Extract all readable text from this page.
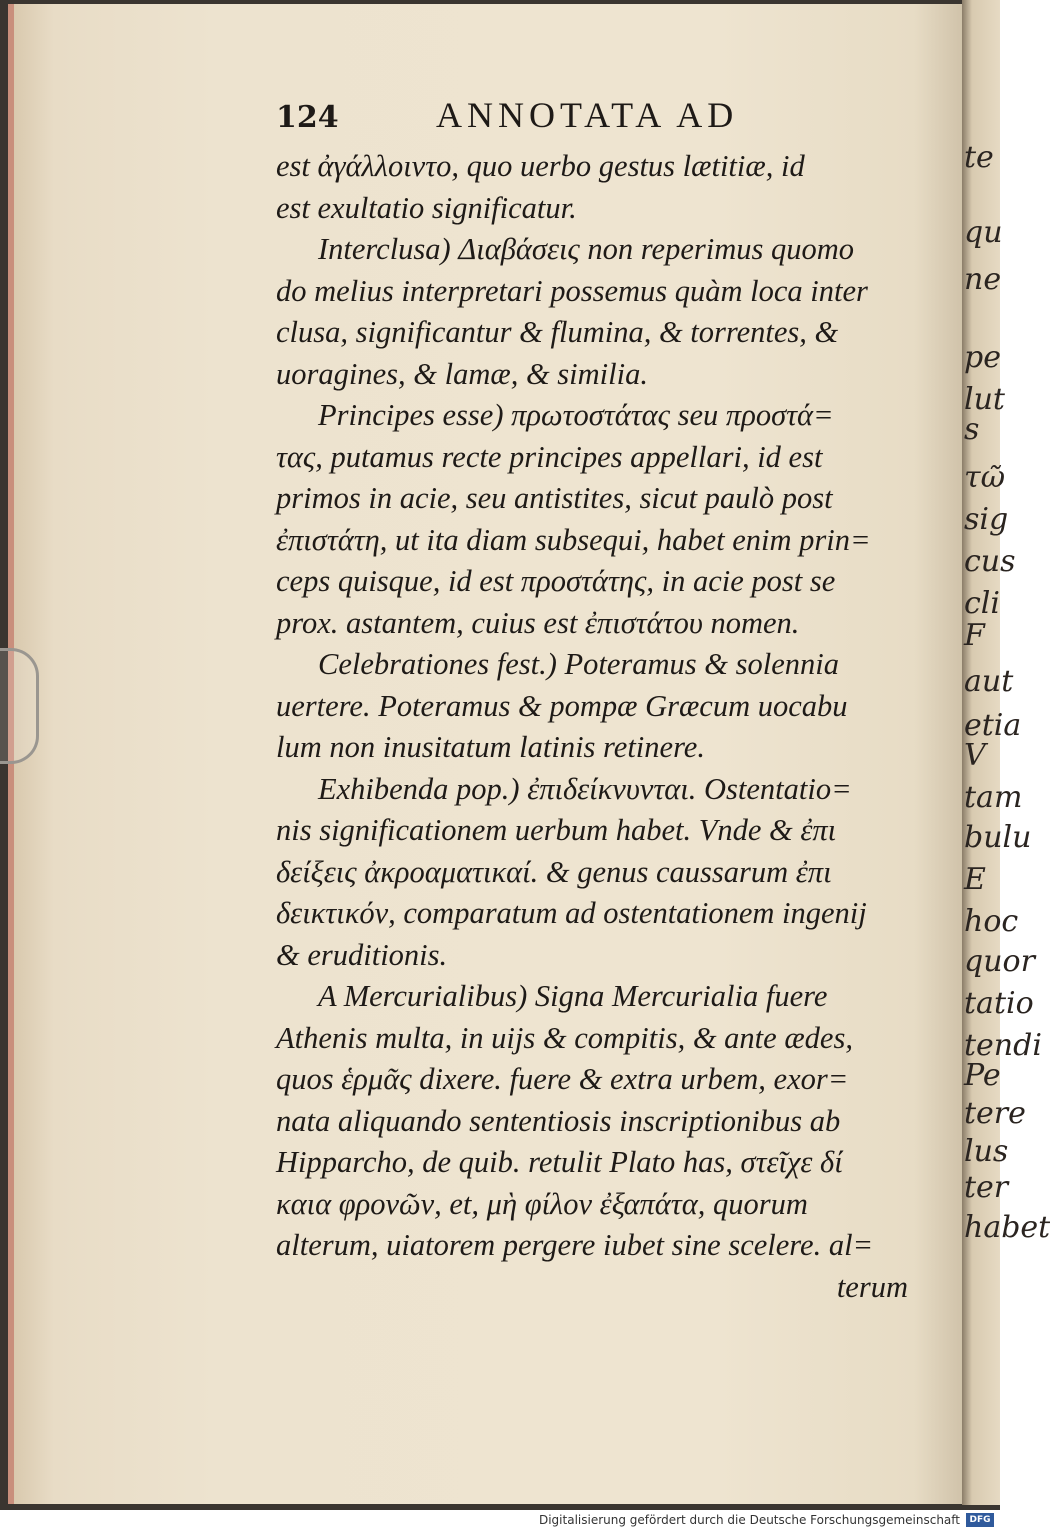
124	ANNOTATA AD
est ἀγάλλοιντο, quo uerbo gestus lætitiæ, id
est exultatio significatur.
Interclusa) Διαβάσεις non reperimus quomo
do melius interpretari possemus quàm loca inter
clusa, significantur & flumina, & torrentes, &
uoragines, & lamæ, & similia.
Principes esse) πρωτοστάτας seu προστά=
τας, putamus recte principes appellari, id est
primos in acie, seu antistites, sicut paulò post
ἐπιστάτη, ut ita diam subsequi, habet enim prin=
ceps quisque, id est προστάτης, in acie post se
prox. astantem, cuius est ἐπιστάτου nomen.
Celebrationes fest.) Poteramus & solennia
uertere. Poteramus & pompæ Græcum uocabu
lum non inusitatum latinis retinere.
Exhibenda pop.) ἐπιδείκνυνται. Ostentatio=
nis significationem uerbum habet. Vnde & ἐπι
δείξεις ἀκροαματικαί. & genus caussarum ἐπι
δεικτικόν, comparatum ad ostentationem ingenij
& eruditionis.
A Mercurialibus) Signa Mercurialia fuere
Athenis multa, in uijs & compitis, & ante ædes,
quos ἑρμᾶς dixere. fuere & extra urbem, exor=
nata aliquando sententiosis inscriptionibus ab
Hipparcho, de quib. retulit Plato has, στεῖχε δί
καια φρονῶν, et, μὴ φίλον ἐξαπάτα, quorum
alterum, uiatorem pergere iubet sine scelere. al=
terum
te
qu
ne
pe
lut
s
τῶ
sig
cus
cli
F
aut
etia
V
tam
bulu
E
hoc
quor
tatio
tendi
Pe
tere
lus
ter
habet
Digitalisierung gefördert durch die Deutsche Forschungsgemeinschaft	DFG
